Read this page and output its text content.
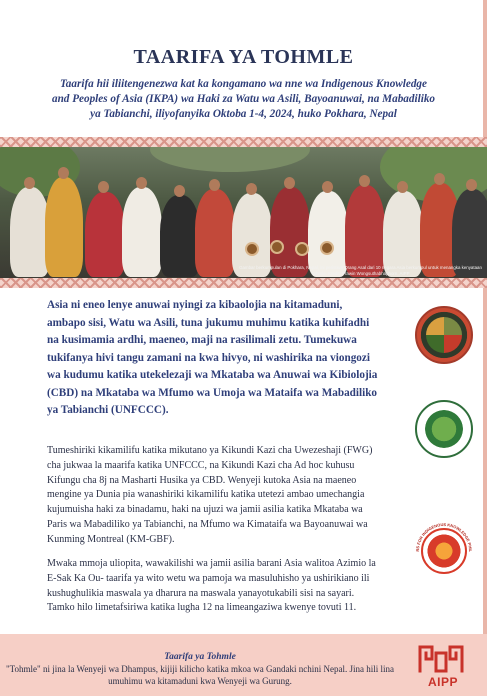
TAARIFA YA TOHMLE

Taarifa hii iliitengenezwa kat ka kongamano wa nne wa Indigenous Knowledge and Peoples of Asia (IKPA) wa Haki za Watu wa Asili, Bayoanuwai, na Mabadiliko ya Tabianchi, iliyofanyika Oktoba 1-4, 2024, huko Pokhara, Nepal

Gambar berkumpulan di Pokhara, Nepal, ini peristiwa Orang Asal dari 10 negara Asia berkumpul untuk menangka kenyataan Tohmle. Kredit: Prawin Wongsuthabhaphorn, AIPP

Asia ni eneo lenye anuwai nyingi za kibaolojia na kitamaduni, ambapo sisi, Watu wa Asili, tuna jukumu muhimu katika kuhifadhi na kusimamia ardhi, maeneo, maji na rasilimali zetu. Tumekuwa tukifanya hivi tangu zamani na kwa hivyo, ni washirika na viongozi wa kudumu katika utekelezaji wa Mkataba wa Anuwai wa Kibiolojia (CBD) na Mkataba wa Mfumo wa Umoja wa Mataifa wa Mabadiliko ya Tabianchi (UNFCCC).

Tumeshiriki kikamilifu katika mikutano ya Kikundi Kazi cha Uwezeshaji (FWG) cha jukwaa la maarifa katika UNFCCC, na Kikundi Kazi cha Ad hoc kuhusu Kifungu cha 8j na Masharti Husika ya CBD. Wenyeji kutoka Asia na maeneo mengine ya Dunia pia wanashiriki kikamilifu katika utetezi ambao umechangia kujumuisha haki za binadamu, haki na ujuzi wa jamii asilia katika Mkataba wa Paris wa Mabadiliko ya Tabianchi, na Mfumo wa Kimataifa wa Bayoanuwai wa Kunming Montreal (KM-GBF).

Mwaka mmoja uliopita, wawakilishi wa jamii asilia barani Asia walitoa Azimio la E-Sak Ka Ou- taarifa ya wito wetu wa pamoja wa masuluhisho ya ushirikiano ili kushughulikia maswala ya dharura na maswala yanayotukabili sisi na sayari. Tamko hilo limetafsiriwa katika lugha 12 na limeangaziwa kwenye tovuti 11.

RS FOR INDIGENOUS KNOWLEDGE PHIL

Taarifa ya Tohmle

"Tohmle" ni jina la Wenyeji wa Dhampus, kijiji kilicho katika mkoa wa Gandaki nchini Nepal. Jina hili lina umuhimu wa kitamaduni kwa Wenyeji wa Gurung.	AIPP
